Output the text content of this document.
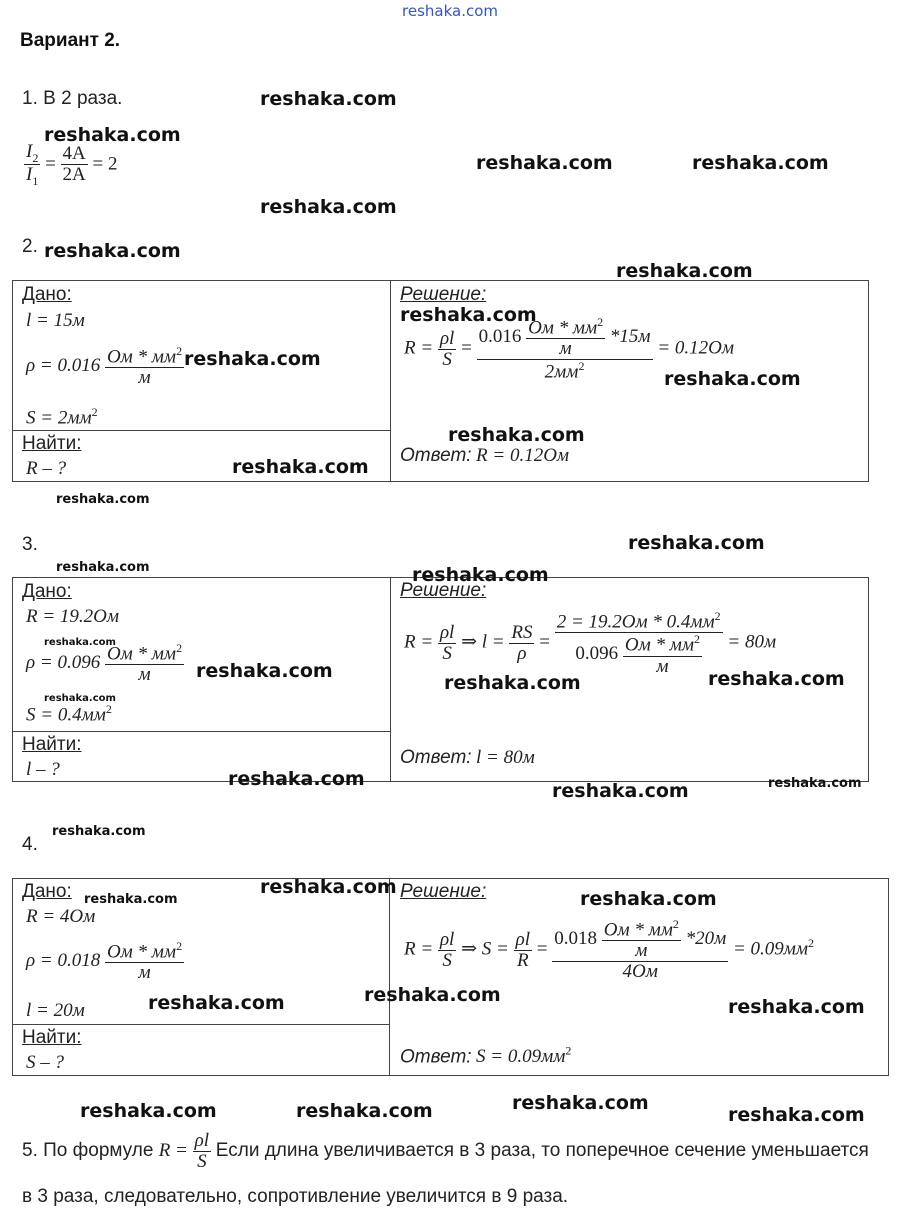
reshaka.com
Вариант 2.
1. В 2 раза.
$\frac{I_2}{I_1} = \frac{4A}{2A} = 2$
2.
Дано:
l = 15м
$\rho = 0.016 \frac{Ом * мм^2}{м}$
$S = 2мм^2$
Найти:
R – ?
Решение:
$R = \frac{\rho l}{S} = \frac{0.016 \frac{Ом * мм^2}{м} *15м}{2мм^2} = 0.12Ом$
Ответ: R = 0.12Ом
3.
Дано:
R = 19.2Ом
$\rho = 0.096 \frac{Ом * мм^2}{м}$
$S = 0.4мм^2$
Найти:
l – ?
Решение:
$R = \frac{\rho l}{S}$ ⇒ $l = \frac{RS}{\rho} = \frac{2 = 19.2Ом * 0.4мм^2}{0.096 \frac{Ом * мм^2}{м}} = 80м$
Ответ: l = 80м
4.
Дано:
R = 4Ом
$\rho = 0.018 \frac{Ом * мм^2}{м}$
l = 20м
Найти:
S – ?
Решение:
$R = \frac{\rho l}{S}$ ⇒ $S = \frac{\rho l}{R} = \frac{0.018 \frac{Ом * мм^2}{м} *20м}{4Ом} = 0.09мм^2$
Ответ: $S = 0.09мм^2$
5. По формуле $R = \frac{\rho l}{S}$ Если длина увеличивается в 3 раза, то поперечное сечение уменьшается в 3 раза, следовательно, сопротивление увеличится в 9 раза.
reshaka.com
reshaka.com
reshaka.com	reshaka.com
reshaka.com
reshaka.com
reshaka.com
reshaka.com
reshaka.com
reshaka.com
reshaka.com
reshaka.com
reshaka.com
reshaka.com
reshaka.com	reshaka.com
reshaka.com
reshaka.com
reshaka.com	reshaka.com
reshaka.com
reshaka.com
reshaka.com	reshaka.com
reshaka.com
reshaka.com
reshaka.com	reshaka.com
reshaka.com
reshaka.com	reshaka.com
reshaka.com	reshaka.com	reshaka.com
reshaka.com
